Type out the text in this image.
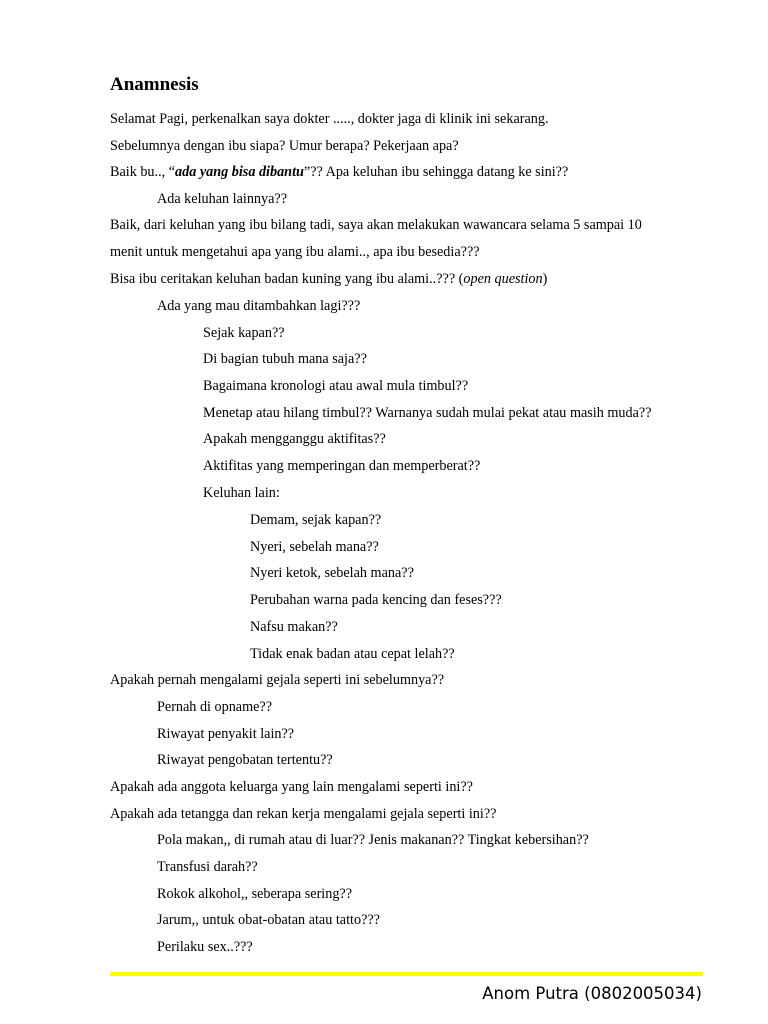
Anamnesis
Selamat Pagi, perkenalkan saya dokter ....., dokter jaga di klinik ini sekarang.
Sebelumnya dengan ibu siapa? Umur berapa? Pekerjaan apa?
Baik bu.., “ada yang bisa dibantu”?? Apa keluhan ibu sehingga datang ke sini??
Ada keluhan lainnya??
Baik, dari keluhan yang ibu bilang tadi, saya akan melakukan wawancara selama 5 sampai 10
menit untuk mengetahui apa yang ibu alami.., apa ibu besedia???
Bisa ibu ceritakan keluhan badan kuning yang ibu alami..??? (open question)
Ada yang mau ditambahkan lagi???
Sejak kapan??
Di bagian tubuh mana saja??
Bagaimana kronologi atau awal mula timbul??
Menetap atau hilang timbul?? Warnanya sudah mulai pekat atau masih muda??
Apakah mengganggu aktifitas??
Aktifitas yang memperingan dan memperberat??
Keluhan lain:
Demam, sejak kapan??
Nyeri, sebelah mana??
Nyeri ketok, sebelah mana??
Perubahan warna pada kencing dan feses???
Nafsu makan??
Tidak enak badan atau cepat lelah??
Apakah pernah mengalami gejala seperti ini sebelumnya??
Pernah di opname??
Riwayat penyakit lain??
Riwayat pengobatan tertentu??
Apakah ada anggota keluarga yang lain mengalami seperti ini??
Apakah ada tetangga dan rekan kerja mengalami gejala seperti ini??
Pola makan,, di rumah atau di luar?? Jenis makanan?? Tingkat kebersihan??
Transfusi darah??
Rokok alkohol,, seberapa sering??
Jarum,, untuk obat-obatan atau tatto???
Perilaku sex..???
Anom Putra (0802005034)
